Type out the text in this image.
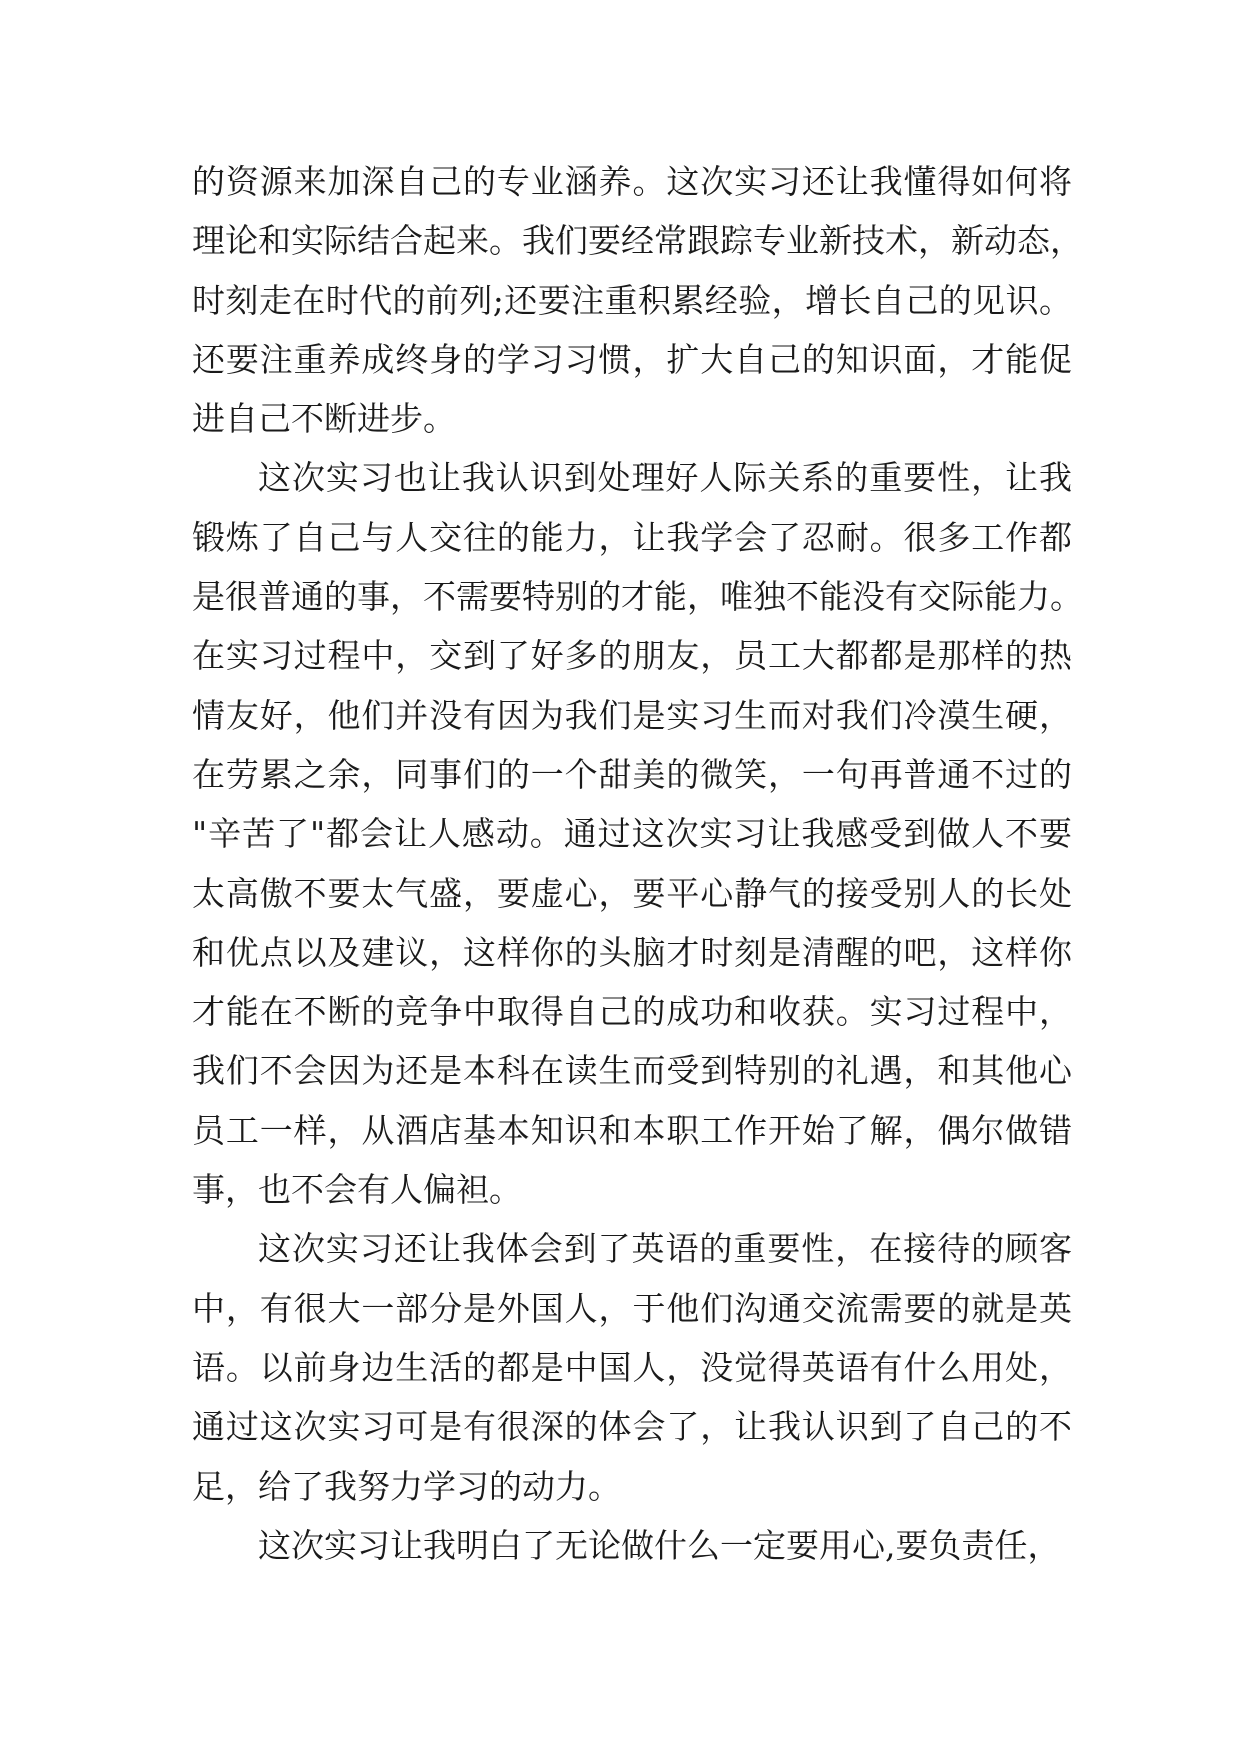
的资源来加深自己的专业涵养。这次实习还让我懂得如何将
理论和实际结合起来。我们要经常跟踪专业新技术，新动态，
时刻走在时代的前列;还要注重积累经验，增长自己的见识。
还要注重养成终身的学习习惯，扩大自己的知识面，才能促
进自己不断进步。
这次实习也让我认识到处理好人际关系的重要性，让我
锻炼了自己与人交往的能力，让我学会了忍耐。很多工作都
是很普通的事，不需要特别的才能，唯独不能没有交际能力。
在实习过程中，交到了好多的朋友，员工大都都是那样的热
情友好，他们并没有因为我们是实习生而对我们冷漠生硬，
在劳累之余，同事们的一个甜美的微笑，一句再普通不过的
"辛苦了"都会让人感动。通过这次实习让我感受到做人不要
太高傲不要太气盛，要虚心，要平心静气的接受别人的长处
和优点以及建议，这样你的头脑才时刻是清醒的吧，这样你
才能在不断的竞争中取得自己的成功和收获。实习过程中，
我们不会因为还是本科在读生而受到特别的礼遇，和其他心
员工一样，从酒店基本知识和本职工作开始了解，偶尔做错
事，也不会有人偏袒。
这次实习还让我体会到了英语的重要性，在接待的顾客
中，有很大一部分是外国人，于他们沟通交流需要的就是英
语。以前身边生活的都是中国人，没觉得英语有什么用处，
通过这次实习可是有很深的体会了，让我认识到了自己的不
足，给了我努力学习的动力。
这次实习让我明白了无论做什么一定要用心,要负责任，
